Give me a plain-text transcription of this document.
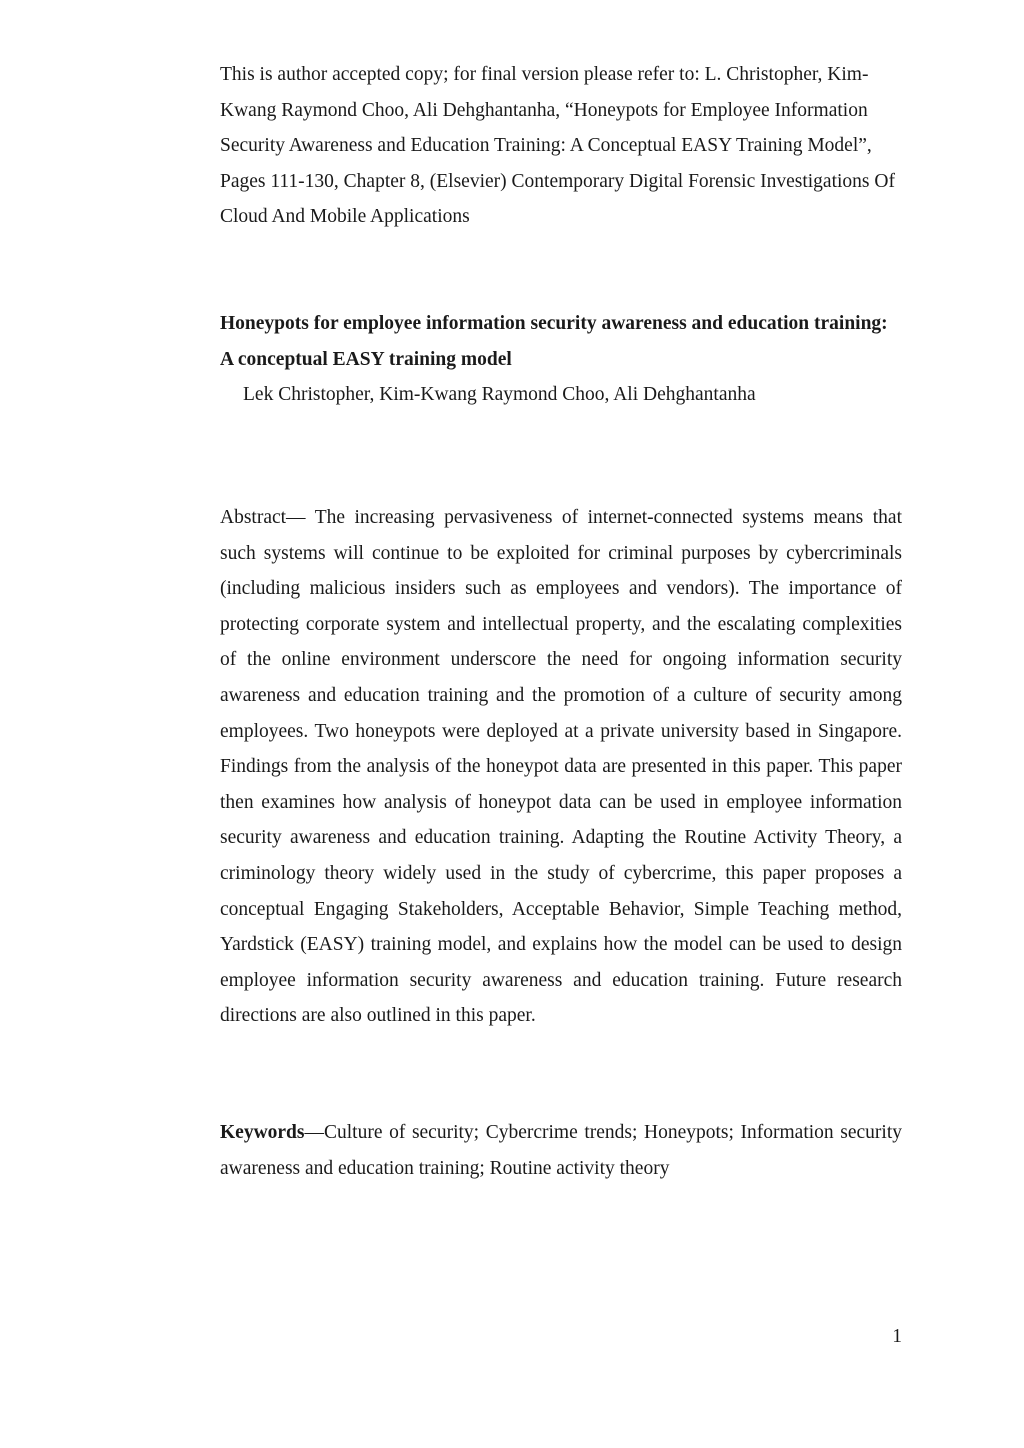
This is author accepted copy; for final version please refer to: L. Christopher, Kim-Kwang Raymond Choo, Ali Dehghantanha, “Honeypots for Employee Information Security Awareness and Education Training: A Conceptual EASY Training Model”, Pages 111-130, Chapter 8, (Elsevier) Contemporary Digital Forensic Investigations Of Cloud And Mobile Applications

Honeypots for employee information security awareness and education training: A conceptual EASY training model

Lek Christopher, Kim-Kwang Raymond Choo, Ali Dehghantanha

Abstract— The increasing pervasiveness of internet-connected systems means that such systems will continue to be exploited for criminal purposes by cybercriminals (including malicious insiders such as employees and vendors). The importance of protecting corporate system and intellectual property, and the escalating complexities of the online environment underscore the need for ongoing information security awareness and education training and the promotion of a culture of security among employees. Two honeypots were deployed at a private university based in Singapore. Findings from the analysis of the honeypot data are presented in this paper. This paper then examines how analysis of honeypot data can be used in employee information security awareness and education training. Adapting the Routine Activity Theory, a criminology theory widely used in the study of cybercrime, this paper proposes a conceptual Engaging Stakeholders, Acceptable Behavior, Simple Teaching method, Yardstick (EASY) training model, and explains how the model can be used to design employee information security awareness and education training. Future research directions are also outlined in this paper.

Keywords—Culture of security; Cybercrime trends; Honeypots; Information security awareness and education training; Routine activity theory

1
